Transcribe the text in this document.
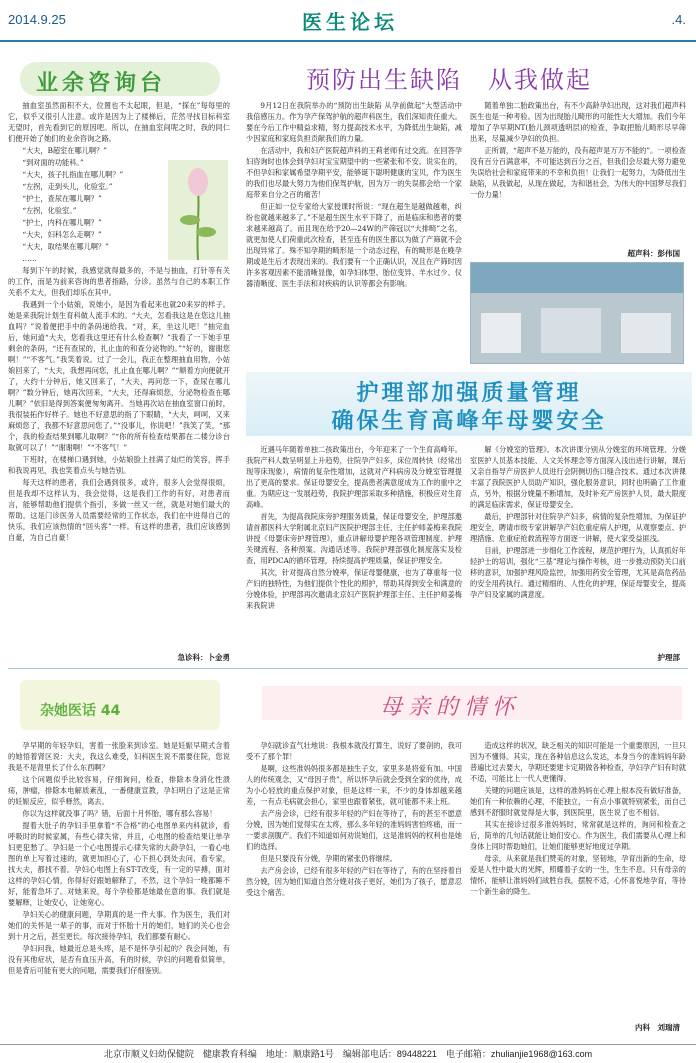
2014.9.25	医生论坛	.4.
业余咨询台

抽血室虽然面积不大，位置也不太起眼，但是，“探在”每每里的它，似乎又很引人注意。或许是因为上了楼梯后，茫然寻找目标科室无望时，首先看到它的原因吧。所以，在抽血室间呢之时，我的同仁们便开始了她们的业余咨询之路。

“大夫，B超室在哪儿啊？”

“到对面的功能科。”

“大夫，孩子扎指血在哪儿啊？”

“左拐，走到头儿，化验室。”

“护士，查尿在哪儿啊？”

“左拐，化验室。”

“护士，内科在哪儿啊？”

“大夫，妇科怎么走啊？”

“大夫，取结果在哪儿啊？”

……

每到下午的时候，我感觉就得最多的，不是与抽血，打针等有关的工作，而是为前来咨询的患者指路，分诊。虽然与自己的本职工作关系不太大，但我们却乐在其中。

我遇到一个小姑娘，说她小，是因为看起来也就20来岁的样子。她是来我院计划生育科做人流手术的。“大夫，怎看我这是在您这儿抽血吗？”说着便把手中的条码递给我。“对，来，坐这儿吧！”抽完血后，她问道“大夫，您看我这里还有什么检查啊？”我看了一下她手里剩余的条码，“还有查尿的，扎止血的和查分泌物的。”“好的，谢谢您啊！”“不客气。”我笑着说。过了一会儿，我正在整理抽血用物，小姑娘回来了，“大夫，我想再问您，扎止血在哪儿啊？”“顺着方向便就开了，大约十分钟后，她又回来了，“大夫，再问您一下，查尿在哪儿啊？”数分钟后，她再次回来，“大夫，还得麻烦您，分泌物检查在哪儿啊？”依旧是得到答案便匆匆离开。当她再次站在抽血室窗口前时，我很装拓作好样子。她也不好意思的指了下眼睛，“大夫，呵呵，又来麻烦您了，我都不好意思问您了。”“没事儿，你说吧！”我笑了笑，“那个，我的检查结果到哪儿取啊？”“你的所有检查结果都在二楼分诊台取就可以了！”“谢谢啊！”“不客气！”

下班时，在楼梯口遇到她，小姑娘脸上挂满了灿烂的笑容，挥手和我说再见，我也笑着点头与她告别。

每天这样的患者，我们会遇到很多，或许，很多人会觉得很烦，但是我却不这样认为，我会觉得，这是我们工作的有好，对患者而言，能够帮助他们提供个指引，多做一丝又一丝，就是对她们最大的帮助。这是门诊医务人员需要经常的工作状态，我们在中进得自己的快乐，我们应该热情的“回头客”一样。有这样的患者，我们应该感到自豪，为自己自豪！

急诊科：卜金勇
预防出生缺陷　从我做起

9月12日在我院举办的“预防出生缺陷 从孕前做起”大型活动中我倍感压力。作为孕产保驾护航的超声科医生，我们深知责任重大。要在今后工作中精益求精，努力提高技术水平，为降低出生缺陷，减少因家庭和家庭负担贡献我们的力量。

在活动中，我和妇产医院超声科的王莉老师有过交流。在回答孕妇咨询时也体会到孕妇对宝宝期望中的一些紧张和不安。说实在的，不但孕妇和家属希望孕期平安，能够诞下聪明健康的宝贝，作为医生的我们也尽最大努力为他们保驾护航，因为万一的失误都会给一个家庭带来自分之百的痛苦！

但正如一位专家给大家授课时所说：“现在超生是越做越难，纠纷也就越来越多了。”不是超生医生水平下降了，而是临床和患者的要求越来越高了。而且现在给予20—24W的产筛冠以“大排畸”之名，就更加使人们荷重此次检查，甚至连有的医生都以为做了产筛就不会出现异常了。殊不知孕期的畸形是一个动态过程，有的畸形是在晚孕期或是生后才表现出来的。我们要有一个正确认识，况且在产筛时因许多客观因素不能清晰显像，如孕妇体型、胎位变异、羊水过少、仪器清晰度、医生手法和对疾病的认识等都会有影响。

随着单独二胎政策出台，有不少高龄孕妇出现，这对我们超声科医生也是一种考验。因为出现胎儿畸形的可能性大大增加。我们今年增加了孕早期NT(胎儿颈项透明层)的检查，争取把胎儿畸形尽早筛出来，尽量减少孕妇的负担。

正所谓，“超声不是万能的，没有超声是万万不能的”。一项检查没有百分百满意率，不可能达到百分之百，但我们会尽最大努力避免失误给社会和家庭带来的不幸和负担！让我们一起努力，为降低出生缺陷，从我做起，从现在做起，为和谐社会，为伟大的中国梦尽我们一份力量！

超声科：彭伟国
护理部加强质量管理
确保生育高峰年母婴安全

近遇马年随着单独二孩政策出台，今年迎来了一个生育高峰年。我院产科人数呈明显上升趋势，住院孕产妇多，床位周转快（经常出现等床现象），病情的复杂性增加，这就对产科病房及分娩室管理提出了更高的要求。保证母婴安全，提高患者满意度成为工作的重中之重。为期应这一发展趋势，我院护理部采取多种措施，积极应对生育高峰。

首先，为提高我院床旁护理服务质量，保证母婴安全，护理部邀请首都医科大学附属北京妇产医院护理部主任、主任护师姜梅来我院讲授《母婴床旁护理管理》，重点讲解母婴护理各项管理制度、护理关键流程、各种预案、沟通话述等。我院护理部强化制度落实及检查，用PDCA的循环管理，持续提高护理质量，保证护理安全。

其次，针对提高自然分娩率，保证母婴健康，也为了尊重每一位产妇的独特性，为他们提供个性化的照护，帮助其得到安全和满意的分娩体验，护理部再次邀请北京妇产医院护理部主任、主任护师姜梅来我院讲

解《分娩室的管理》。本次讲课分别从分娩室的环境管理、分娩室医护人员基本技能、人文关怀理念等方面深入浅出进行讲解，课后又亲自指导产房医护人员进行会阴侧切伤口缝合技术。通过本次讲课丰富了我院医护人员助产知识，强化服务意识，同时也明确了工作重点，另外，根据分娩量不断增加，及时补充产房医护人员，最大限度的满足临床需求，保证母婴安全。

最后，护理部针对住院孕产妇多，病情的复杂性增加，为保证护理安全，聘请市级专家讲解孕产妇危重症病人护理，从观察要点、护理措施、危重症抢救流程等方面逐一讲解，使大家受益匪浅。

目前，护理部进一步细化工作流程，规范护理行为，认真抓好年轻护士的培训，强化“三基”理论与操作考核，进一步推动预防关口前移的意识，加强护理风险监控，加强用药安全管理，尤其是高危药品的安全用药执行。通过精细的、人性化的护理，保证母婴安全，提高孕产妇及家属的满意度。

护理部
杂她医话 44

孕早期的年轻孕妇，害着一张脸来到诊室。她是妊娠早期式含着的她悟着肾区说：大夫，我这么难受，妇科医生说不需要住院，您说我是不是肾里长了什么东西啊？

这个问题似乎比较容易，仔细询问，检查，排除本身消化性溃疡，肿瘤，排除本电解质紊乱，一番健康宣教，孕妇明白了这是正常的妊娠反应，似乎释然，离去。

你以为这样就没事了吗？错，后面十月怀胎，哪有那么容易！

提着大肚子的孕妇手里拿着“不合格”的心电图单来内科就诊，看呼吸时的时候家属，有些心律失常，并且，心电图的检查结果让单孕妇更犯愁了。孕妇是一个心电图提示心律失常的大龄孕妇，一看心电图的单上写着过速的，就更加担心了，心下担心到处去问，看专家，找大夫，都找不着。孕妇心电图上有ST-T改变，有一定的早搏，面对这样的孕妇心情，你得好好跟她解释了，不然，这个孕妇一晚都睡不好，能着急坏了。对她来说，每个孕检都是她最在意的事。我们就是要解释，让她安心，让她宽心。

孕妇关心的健康问题，孕期真的是一件大事。作为医生，我们对她们的关怀是一辈子的事，而对于怀胎十月的她们，她们的关心也会到十月之后，甚至更长。每次接待孕妇，我们都要有耐心。

孕妇问我，她最近总是头疼，是不是怀孕引起的？我会问她，有没有其他症状，是否有血压升高，有的时候，孕妇的问题看似简单，但是背后可能有更大的问题，需要我们仔细鉴别。

母亲的情怀

孕妇就诊直气壮地说：我根本就没打算生，说好了要剖的，我可受不了那个罪！

是啊，这些准妈妈很多都是独生子女，家里多是将爱有加。中国人的传统观念，又“母因子贵”，所以怀孕后就会受到全家的优待，成为小心轻放的重点保护对象，但是这样一来，不少的身体却越来越差，一有点毛病就会担心，家里也跟着紧张，就可能都不来上班。

去产房会诊，已经有很多年轻的产妇在等待了，有的甚至不愿意分娩，因为她们觉得实在太疼，那么多年轻的准妈妈害怕疼痛，而一一要求剖腹产。我们不知道如何劝说她们，这是准妈妈的权利也是她们的选择。

但是只要没有分娩，孕期的紧张仍将继续。

去产房会诊，已经有很多年轻的产妇在等待了，有的在坚持着自然分娩，因为她们知道自然分娩对孩子更好，她们为了孩子，愿意忍受这个痛苦。

造成这样的状况，缺乏相关的知识可能是一个重要原因，一旦只因为不懂得。其实，现在各种信息这么发达，本身当今的准妈妈年龄普遍比过去要大，孕期还要建卡定期做各种检查，孕妇孕产妇有时就不适，可能比上一代人更懂得。

关键的问题应该是，这样的准妈妈在心理上根本没有做好准备，她们有一种依赖的心理，不能独立，一有点小事就特别紧张，而自己感到不舒服时就觉得是大事，到医院里，医生说了也不相信。

其实在接诊过很多准妈妈时，常常就是这样的，询问和检查之后，简单的几句话就能让她们安心。作为医生，我们需要从心理上和身体上同时帮助她们，让她们能够更好地度过孕期。

母亲，从来就是我们赞美的对象，坚韧地，孕育出新的生命，母爱是人性中最大的光辉，照耀着子女的一生，生生不息。只有母亲的情怀，能够让准妈妈们战胜自我，摆脱不适，心怀喜悦地孕育，等待一个新生命的降生。

内科　刘瑞清
北京市顺义妇幼保健院　健康教育科编　地址：顺康路1号　编辑部电话：89448221　电子邮箱：zhulianjie1968@163.com
